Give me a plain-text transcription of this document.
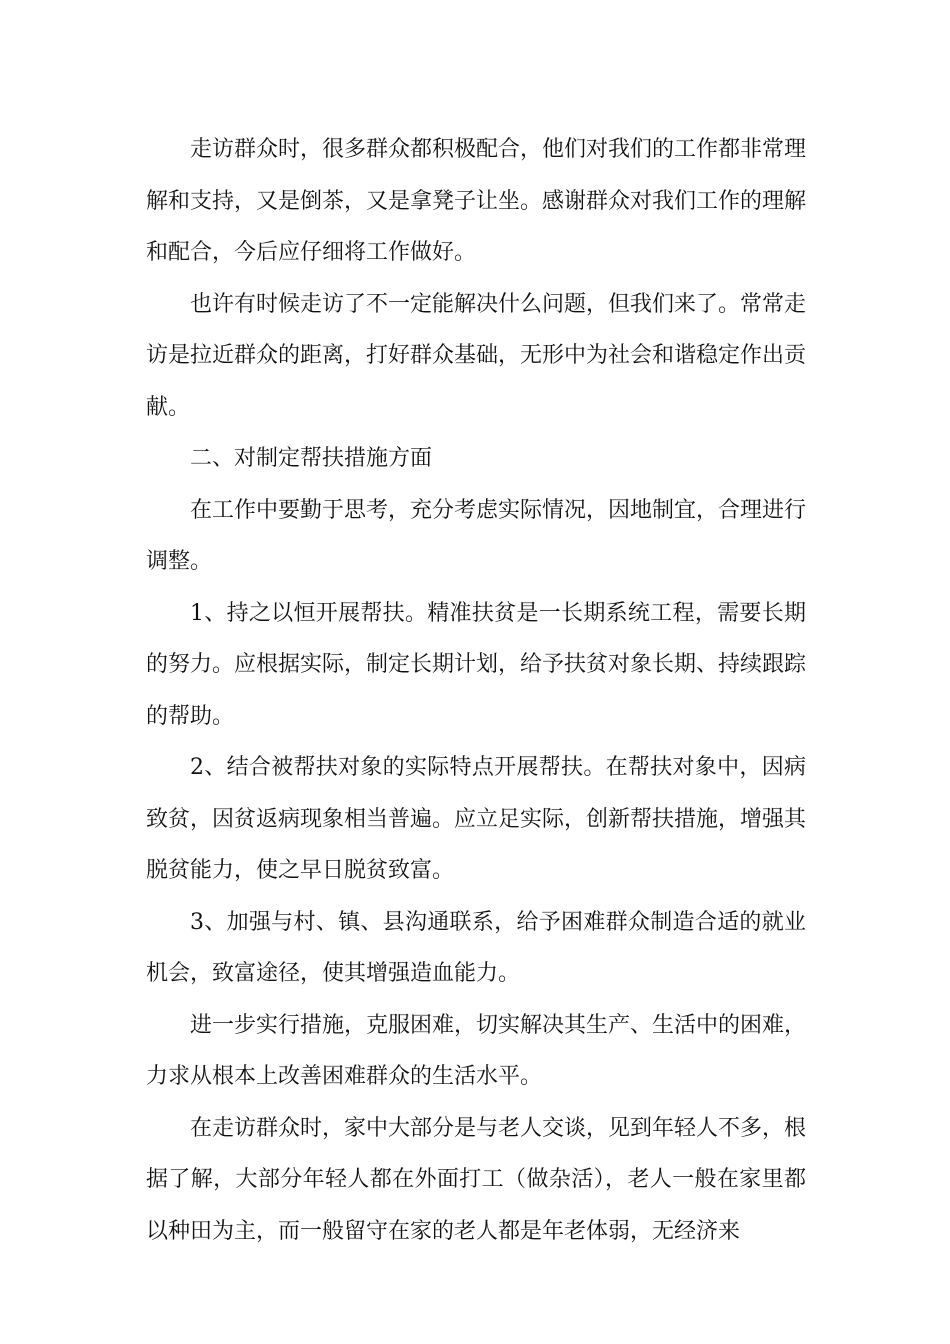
走访群众时，很多群众都积极配合，他们对我们的工作都非常理解和支持，又是倒茶，又是拿凳子让坐。感谢群众对我们工作的理解和配合，今后应仔细将工作做好。

也许有时候走访了不一定能解决什么问题，但我们来了。常常走访是拉近群众的距离，打好群众基础，无形中为社会和谐稳定作出贡献。

二、对制定帮扶措施方面

在工作中要勤于思考，充分考虑实际情况，因地制宜，合理进行调整。

1、持之以恒开展帮扶。精准扶贫是一长期系统工程，需要长期的努力。应根据实际，制定长期计划，给予扶贫对象长期、持续跟踪的帮助。

2、结合被帮扶对象的实际特点开展帮扶。在帮扶对象中，因病致贫，因贫返病现象相当普遍。应立足实际，创新帮扶措施，增强其脱贫能力，使之早日脱贫致富。

3、加强与村、镇、县沟通联系，给予困难群众制造合适的就业机会，致富途径，使其增强造血能力。

进一步实行措施，克服困难，切实解决其生产、生活中的困难，力求从根本上改善困难群众的生活水平。

在走访群众时，家中大部分是与老人交谈，见到年轻人不多，根据了解，大部分年轻人都在外面打工（做杂活），老人一般在家里都以种田为主，而一般留守在家的老人都是年老体弱，无经济来
